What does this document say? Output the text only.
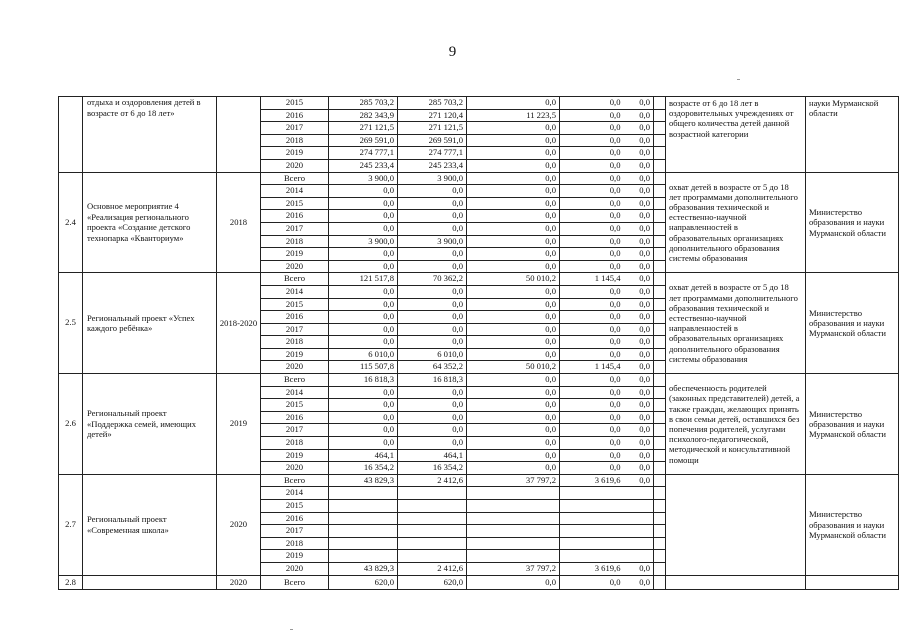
9
	отдыха и оздоровления детей в возрасте от 6 до 18 лет»		2015	285 703,2	285 703,2	0,0	0,0	0,0		возрасте от 6 до 18 лет в оздоровительных учреждениях от общего количества детей данной возрастной категории	науки Мурманской области
			2016	282 343,9	271 120,4	11 223,5	0,0	0,0			
			2017	271 121,5	271 121,5	0,0	0,0	0,0			
			2018	269 591,0	269 591,0	0,0	0,0	0,0			
			2019	274 777,1	274 777,1	0,0	0,0	0,0			
			2020	245 233,4	245 233,4	0,0	0,0	0,0			
2.4	Основное мероприятие 4 «Реализация регионального проекта «Создание детского технопарка «Кванториум»	2018	Всего	3 900,0	3 900,0	0,0	0,0	0,0		охват детей в возрасте от 5 до 18 лет программами дополнительного образования технической и естественно-научной направленностей в образовательных организациях дополнительного образования системы образования	Министерство образования и науки Мурманской области
			2014	0,0	0,0	0,0	0,0	0,0			
			2015	0,0	0,0	0,0	0,0	0,0			
			2016	0,0	0,0	0,0	0,0	0,0			
			2017	0,0	0,0	0,0	0,0	0,0			
			2018	3 900,0	3 900,0	0,0	0,0	0,0			
			2019	0,0	0,0	0,0	0,0	0,0			
			2020	0,0	0,0	0,0	0,0	0,0			
2.5	Региональный проект «Успех каждого ребёнка»	2018-2020	Всего	121 517,8	70 362,2	50 010,2	1 145,4	0,0		охват детей в возрасте от 5 до 18 лет программами дополнительного образования технической и естественно-научной направленностей в образовательных организациях дополнительного образования системы образования	Министерство образования и науки Мурманской области
			2014	0,0	0,0	0,0	0,0	0,0			
			2015	0,0	0,0	0,0	0,0	0,0			
			2016	0,0	0,0	0,0	0,0	0,0			
			2017	0,0	0,0	0,0	0,0	0,0			
			2018	0,0	0,0	0,0	0,0	0,0			
			2019	6 010,0	6 010,0	0,0	0,0	0,0			
			2020	115 507,8	64 352,2	50 010,2	1 145,4	0,0			
2.6	Региональный проект «Поддержка семей, имеющих детей»	2019	Всего	16 818,3	16 818,3	0,0	0,0	0,0		обеспеченность родителей (законных представителей) детей, а также граждан, желающих принять в свои семьи детей, оставшихся без попечения родителей, услугами психолого-педагогической, методической и консультативной помощи	Министерство образования и науки Мурманской области
			2014	0,0	0,0	0,0	0,0	0,0			
			2015	0,0	0,0	0,0	0,0	0,0			
			2016	0,0	0,0	0,0	0,0	0,0			
			2017	0,0	0,0	0,0	0,0	0,0			
			2018	0,0	0,0	0,0	0,0	0,0			
			2019	464,1	464,1	0,0	0,0	0,0			
			2020	16 354,2	16 354,2	0,0	0,0	0,0			
2.7	Региональный проект «Современная школа»	2020	Всего	43 829,3	2 412,6	37 797,2	3 619,6	0,0			Министерство образования и науки Мурманской области
			2014								
			2015								
			2016								
			2017								
			2018								
			2019								
			2020	43 829,3	2 412,6	37 797,2	3 619,6	0,0			
2.8		2020	Всего	620,0	620,0	0,0	0,0	0,0			
